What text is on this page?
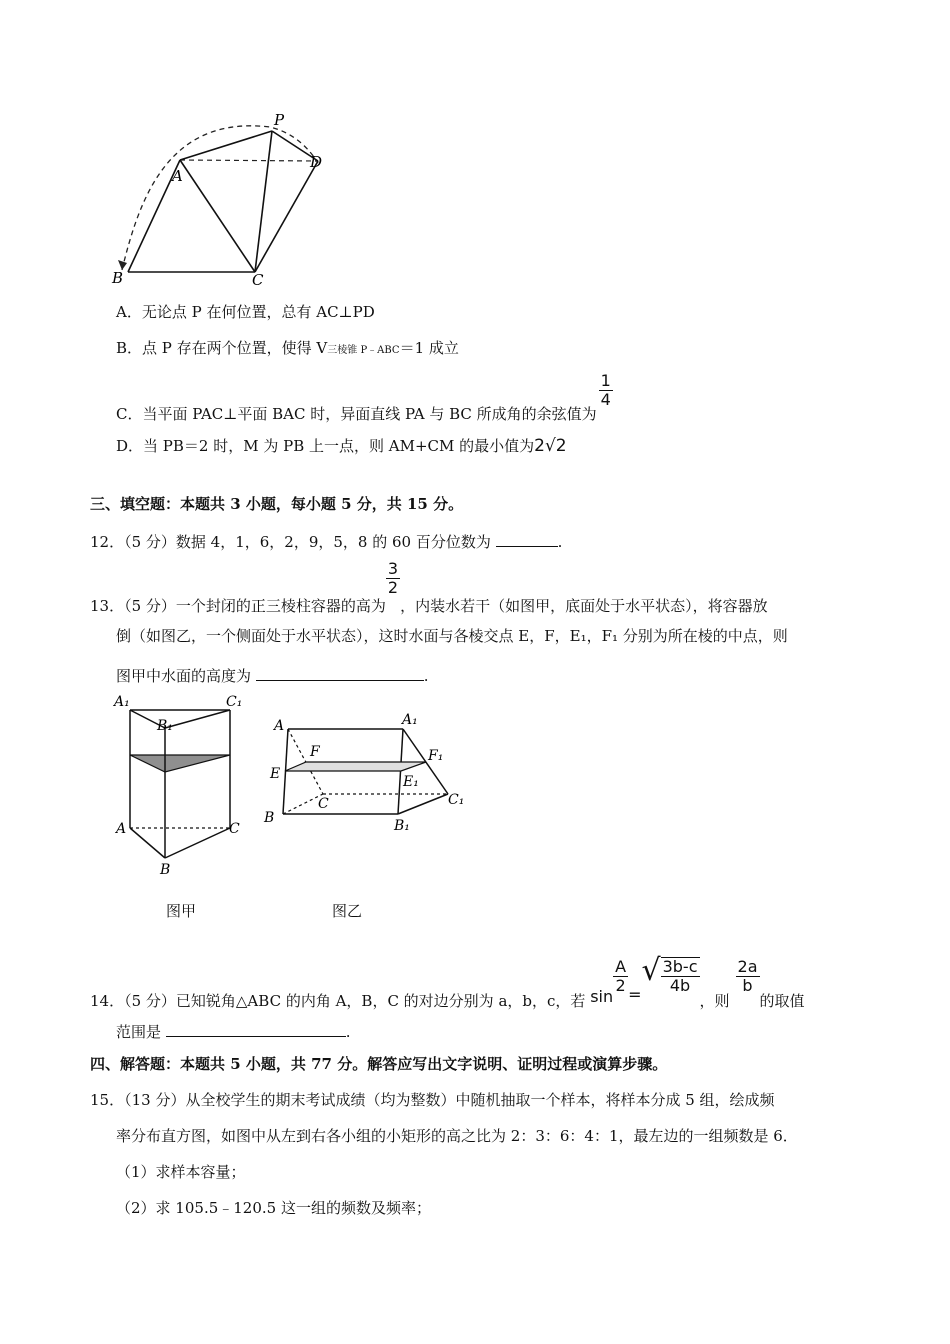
P
A
D
B	C
A．无论点 P 在何位置，总有 AC⊥PD
B．点 P 存在两个位置，使得 V三棱锥 P﹣ABC＝1 成立
C．当平面 PAC⊥平面 BAC 时，异面直线 PA 与 BC 所成角的余弦值为
$\frac{1}{4}$
D．当 PB＝2 时，M 为 PB 上一点，则 AM+CM 的最小值为2√2
三、填空题：本题共 3 小题，每小题 5 分，共 15 分。
12．（5 分）数据 4，1，6，2，9，5，8 的 60 百分位数为	.
13．（5 分）一个封闭的正三棱柱容器的高为
$\frac{3}{2}$
，内装水若干（如图甲，底面处于水平状态），将容器放
倒（如图乙，一个侧面处于水平状态），这时水面与各棱交点 E，F，E₁，F₁ 分别为所在棱的中点，则
图甲中水面的高度为	.
A₁	C₁
B₁
A	C
B
图甲
A	A₁
F	F₁
E	E₁
C	C₁
B	B₁
图乙
14．（5 分）已知锐角△ABC 的内角 A，B，C 的对边分别为 a，b，c，若 sin
$\frac{A}{2}$ =√ $\frac{3b-c}{4b}$
，则
$\frac{2a}{b}$
的取值
范围是	.
四、解答题：本题共 5 小题，共 77 分。解答应写出文字说明、证明过程或演算步骤。
15．（13 分）从全校学生的期末考试成绩（均为整数）中随机抽取一个样本，将样本分成 5 组，绘成频
率分布直方图，如图中从左到右各小组的小矩形的高之比为 2：3：6：4：1，最左边的一组频数是 6．
（1）求样本容量；
（2）求 105.5﹣120.5 这一组的频数及频率；
